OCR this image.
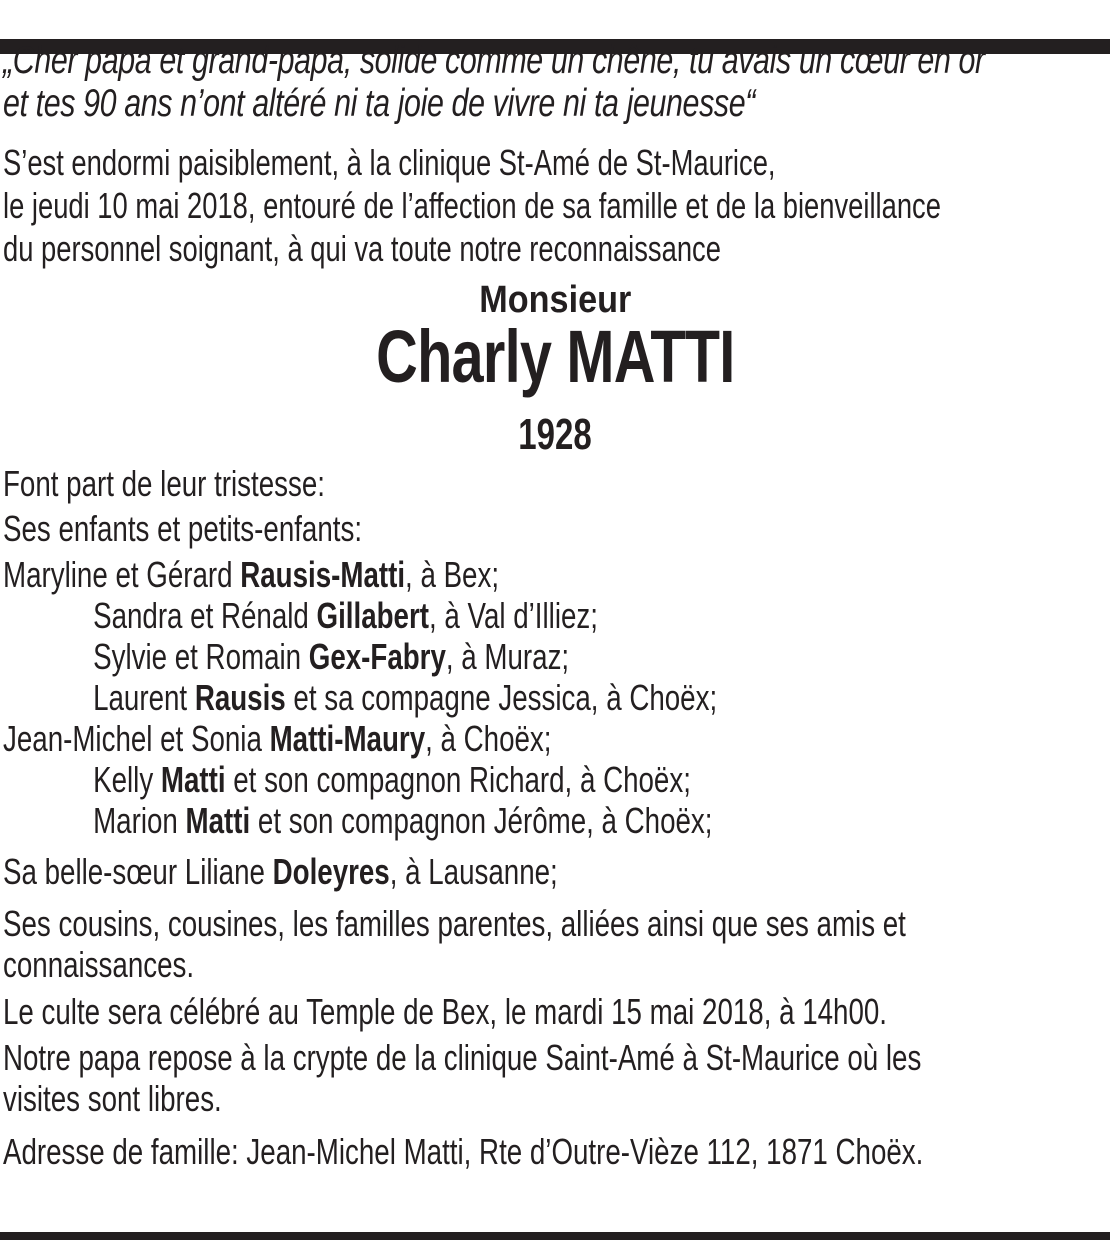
„Cher papa et grand-papa, solide comme un chêne, tu avais un cœur en or
et tes 90 ans n’ont altéré ni ta joie de vivre ni ta jeunesse“
S’est endormi paisiblement, à la clinique St-Amé de St-Maurice,
le jeudi 10 mai 2018, entouré de l’affection de sa famille et de la bienveillance
du personnel soignant, à qui va toute notre reconnaissance
Monsieur
Charly MATTI
1928
Font part de leur tristesse:
Ses enfants et petits-enfants:
Maryline et Gérard Rausis-Matti, à Bex;
Sandra et Rénald Gillabert, à Val d’Illiez;
Sylvie et Romain Gex-Fabry, à Muraz;
Laurent Rausis et sa compagne Jessica, à Choëx;
Jean-Michel et Sonia Matti-Maury, à Choëx;
Kelly Matti et son compagnon Richard, à Choëx;
Marion Matti et son compagnon Jérôme, à Choëx;
Sa belle-sœur Liliane Doleyres, à Lausanne;
Ses cousins, cousines, les familles parentes, alliées ainsi que ses amis et
connaissances.
Le culte sera célébré au Temple de Bex, le mardi 15 mai 2018, à 14h00.
Notre papa repose à la crypte de la clinique Saint-Amé à St-Maurice où les
visites sont libres.
Adresse de famille: Jean-Michel Matti, Rte d’Outre-Vièze 112, 1871 Choëx.
